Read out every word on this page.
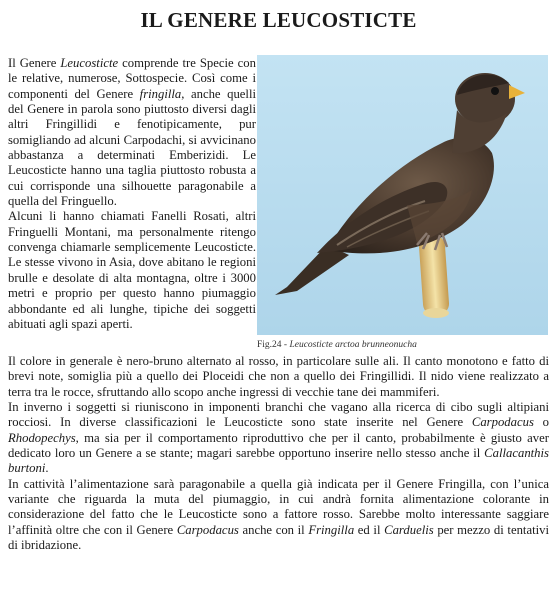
IL GENERE LEUCOSTICTE

Il Genere Leucosticte comprende tre Specie con le relative, numerose, Sottospecie. Così come i componenti del Genere fringilla, anche quelli del Genere in parola sono piuttosto diversi dagli altri Fringillidi e fenotipicamente, pur somigliando ad alcuni Carpodachi, si avvicinano abbastanza a determinati Emberizidi. Le Leucosticte hanno una taglia piuttosto robusta a cui corrisponde una silhouette paragonabile a quella del Fringuello.

Alcuni li hanno chiamati Fanelli Rosati, altri Fringuelli Montani, ma personalmente ritengo convenga chiamarle semplicemente Leucosticte. Le stesse vivono in Asia, dove abitano le regioni brulle e desolate di alta montagna, oltre i 3000 metri e proprio per questo hanno piumaggio abbondante ed ali lunghe, tipiche dei soggetti abituati agli spazi aperti.

Fig.24 - Leucosticte arctoa brunneonucha

Il colore in generale è nero-bruno alternato al rosso, in particolare sulle ali. Il canto monotono e fatto di brevi note, somiglia più a quello dei Ploceidi che non a quello dei Fringillidi. Il nido viene realizzato a terra tra le rocce, sfruttando allo scopo anche ingressi di vecchie tane dei mammiferi.

In inverno i soggetti si riuniscono in imponenti branchi che vagano alla ricerca di cibo sugli altipiani rocciosi. In diverse classificazioni le Leucosticte sono state inserite nel Genere Carpodacus o Rhodopechys, ma sia per il comportamento riproduttivo che per il canto, probabilmente è giusto aver dedicato loro un Genere a se stante; magari sarebbe opportuno inserire nello stesso anche il Callacanthis burtoni.

In cattività l’alimentazione sarà paragonabile a quella già indicata per il Genere Fringilla, con l’unica variante che riguarda la muta del piumaggio, in cui andrà fornita alimentazione colorante in considerazione del fatto che le Leucosticte sono a fattore rosso. Sarebbe molto interessante saggiare l’affinità oltre che con il Genere Carpodacus anche con il Fringilla ed il Carduelis per mezzo di tentativi di ibridazione.
